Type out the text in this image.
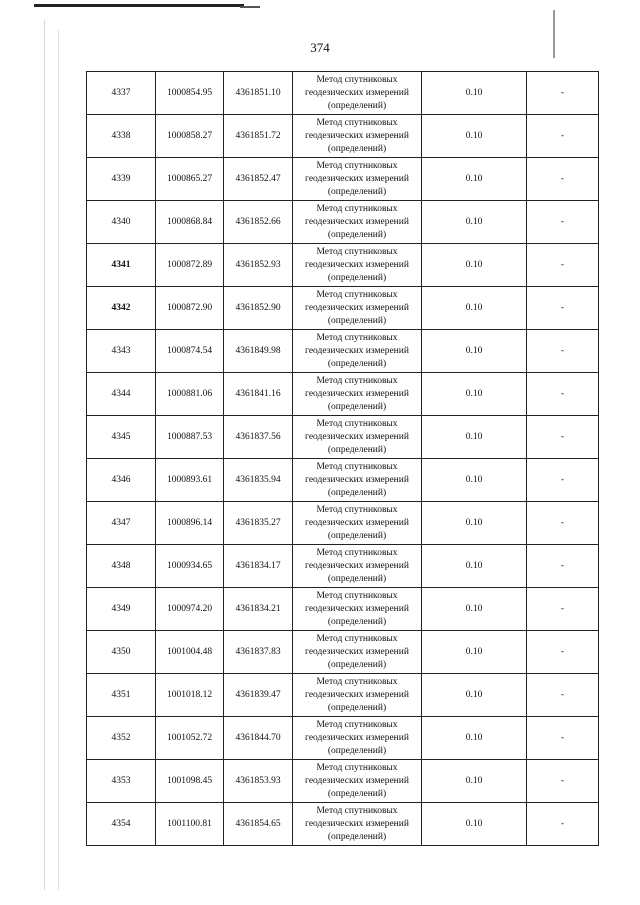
374
4337	1000854.95	4361851.10	Метод спутниковых
геодезических измерений
(определений)	0.10	-
4338	1000858.27	4361851.72	Метод спутниковых
геодезических измерений
(определений)	0.10	-
4339	1000865.27	4361852.47	Метод спутниковых
геодезических измерений
(определений)	0.10	-
4340	1000868.84	4361852.66	Метод спутниковых
геодезических измерений
(определений)	0.10	-
4341	1000872.89	4361852.93	Метод спутниковых
геодезических измерений
(определений)	0.10	-
4342	1000872.90	4361852.90	Метод спутниковых
геодезических измерений
(определений)	0.10	-
4343	1000874.54	4361849.98	Метод спутниковых
геодезических измерений
(определений)	0.10	-
4344	1000881.06	4361841.16	Метод спутниковых
геодезических измерений
(определений)	0.10	-
4345	1000887.53	4361837.56	Метод спутниковых
геодезических измерений
(определений)	0.10	-
4346	1000893.61	4361835.94	Метод спутниковых
геодезических измерений
(определений)	0.10	-
4347	1000896.14	4361835.27	Метод спутниковых
геодезических измерений
(определений)	0.10	-
4348	1000934.65	4361834.17	Метод спутниковых
геодезических измерений
(определений)	0.10	-
4349	1000974.20	4361834.21	Метод спутниковых
геодезических измерений
(определений)	0.10	-
4350	1001004.48	4361837.83	Метод спутниковых
геодезических измерений
(определений)	0.10	-
4351	1001018.12	4361839.47	Метод спутниковых
геодезических измерений
(определений)	0.10	-
4352	1001052.72	4361844.70	Метод спутниковых
геодезических измерений
(определений)	0.10	-
4353	1001098.45	4361853.93	Метод спутниковых
геодезических измерений
(определений)	0.10	-
4354	1001100.81	4361854.65	Метод спутниковых
геодезических измерений
(определений)	0.10	-
